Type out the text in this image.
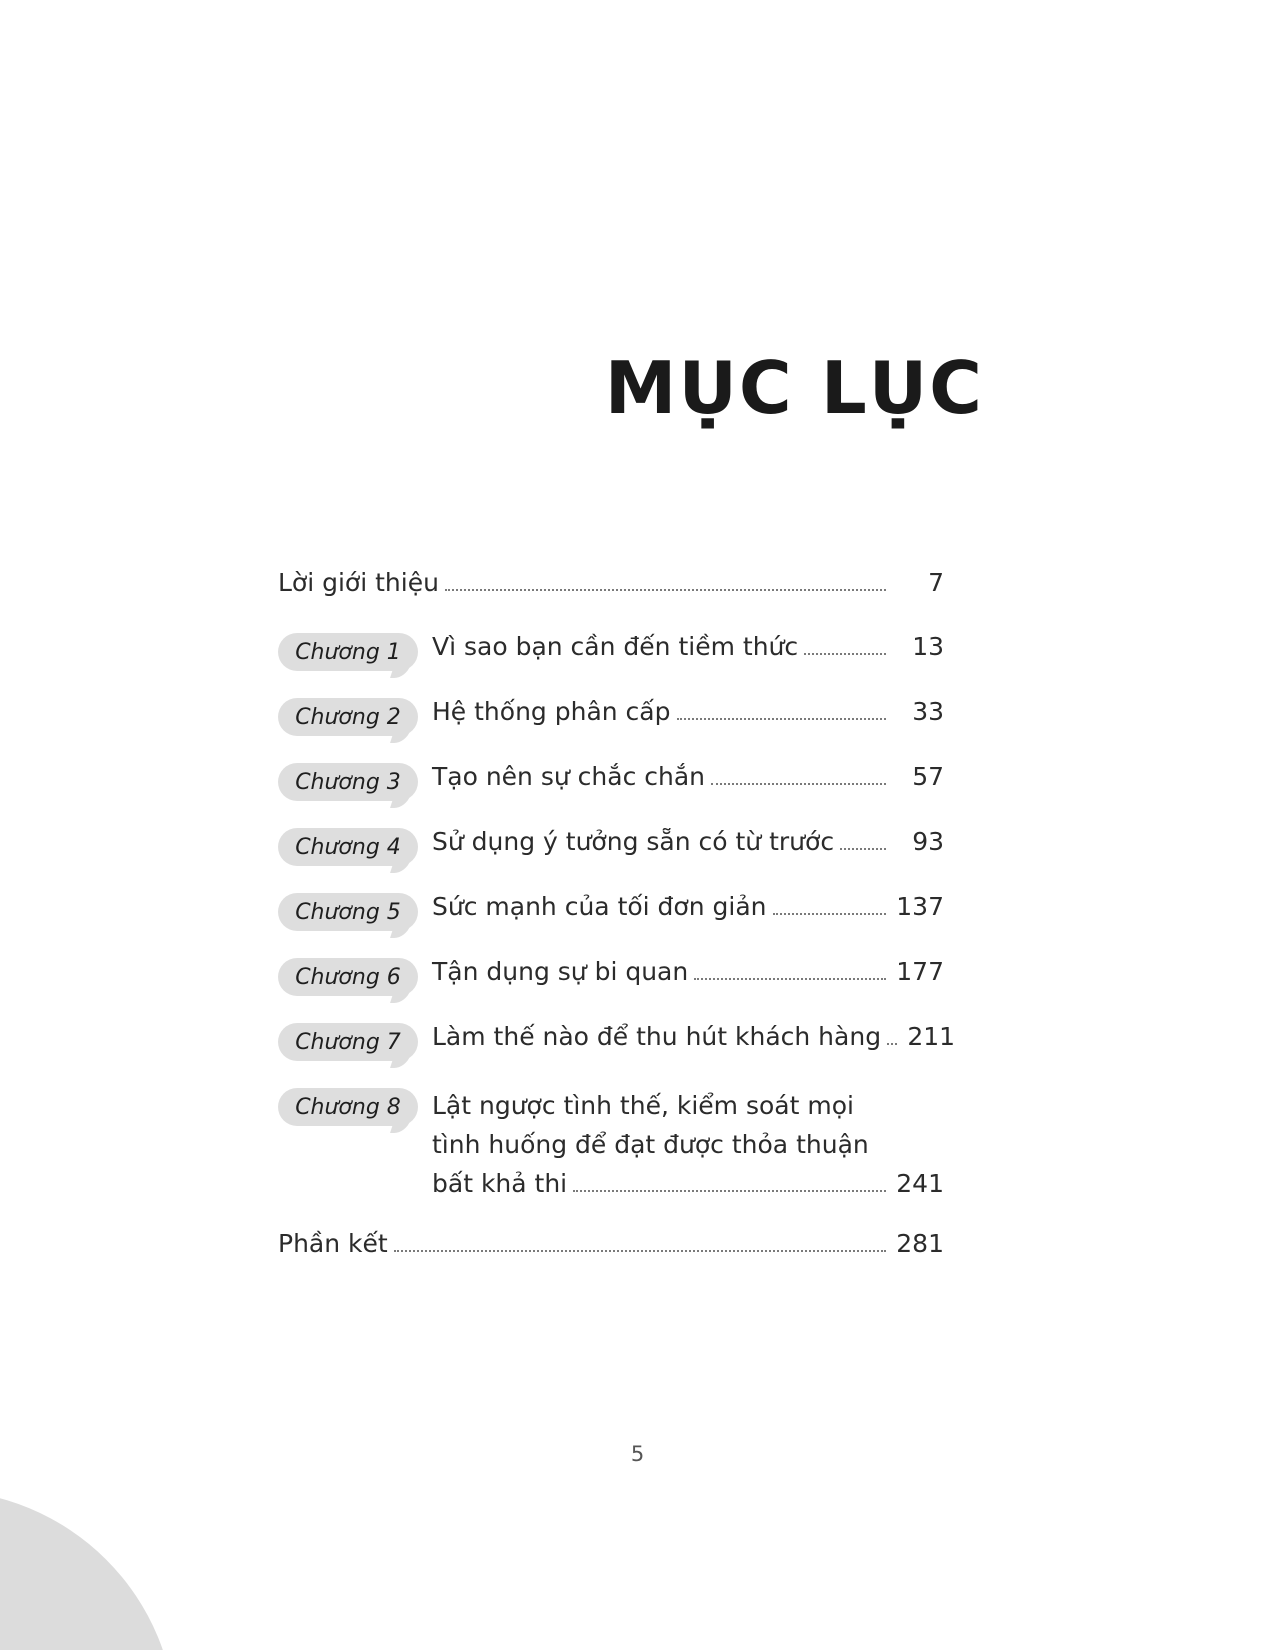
MỤC LỤC
Lời giới thiệu	7
Chương 1	Vì sao bạn cần đến tiềm thức	13
Chương 2	Hệ thống phân cấp	33
Chương 3	Tạo nên sự chắc chắn	57
Chương 4	Sử dụng ý tưởng sẵn có từ trước	93
Chương 5	Sức mạnh của tối đơn giản	137
Chương 6	Tận dụng sự bi quan	177
Chương 7	Làm thế nào để thu hút khách hàng 211
Chương 8	Lật ngược tình thế, kiểm soát mọi
tình huống để đạt được thỏa thuận
bất khả thi	241
Phần kết	281
5
